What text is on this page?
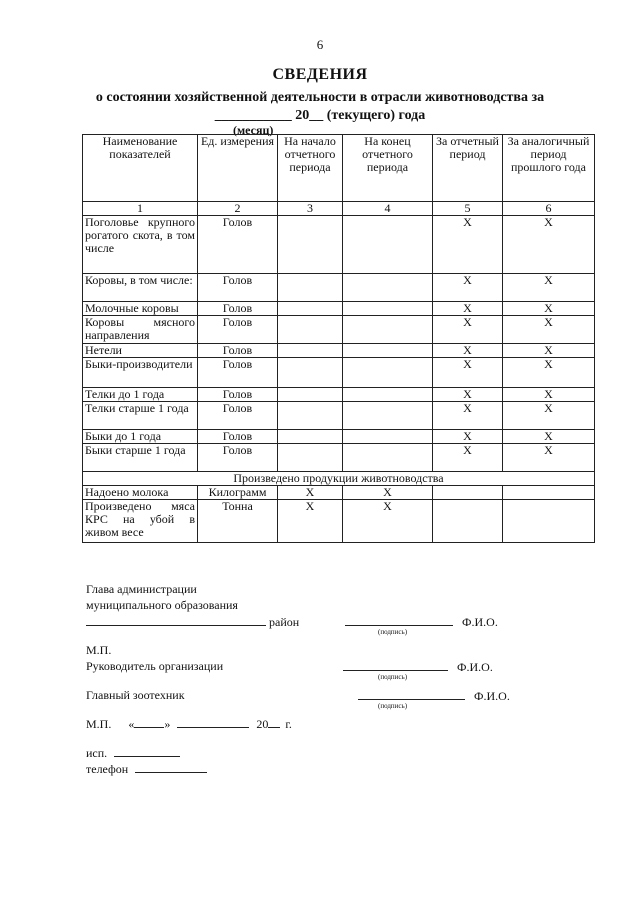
6
СВЕДЕНИЯ
о состоянии хозяйственной деятельности в отрасли животноводства за
___________ 20__ (текущего) года
(месяц)
Наименование показателей	Ед. измерения	На начало отчетного периода	На конец отчетного периода	За отчетный период	За аналогичный период прошлого года
1	2	3	4	5	6
Поголовье крупного рогатого скота, в том числе	Голов			X	X
Коровы, в том числе:	Голов			X	X
Молочные коровы	Голов			X	X
Коровы мясного направления	Голов			X	X
Нетели	Голов			X	X
Быки-производители	Голов			X	X
Телки до 1 года	Голов			X	X
Телки старше 1 года	Голов			X	X
Быки до 1 года	Голов			X	X
Быки старше 1 года	Голов			X	X
Произведено продукции животноводства					
Надоено молока	Килограмм	X	X		
Произведено мяса КРС на убой в живом весе	Тонна	X	X		
Глава администрации
муниципального образования
район	Ф.И.О.
(подпись)
М.П.
Руководитель организации	Ф.И.О.
(подпись)
Главный зоотехник	Ф.И.О.
(подпись)
М.П. «	»	20 г.
исп.
телефон
